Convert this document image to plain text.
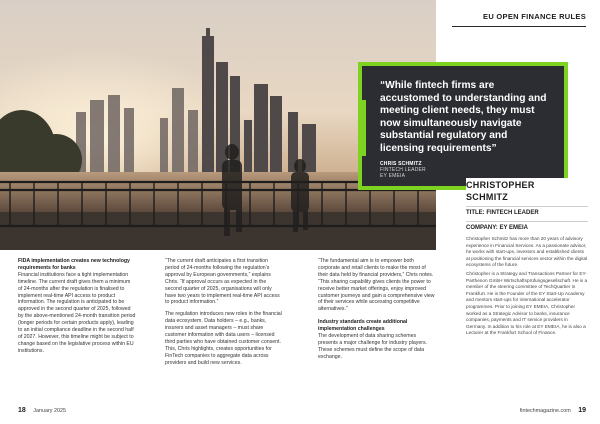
EU OPEN FINANCE RULES
“While fintech firms are accustomed to understanding and meeting client needs, they must now simultaneously navigate substantial regulatory and licensing requirements”
CHRIS SCHMITZ
FINTECH LEADER
EY EMEIA
CHRISTOPHER
SCHMITZ
TITLE: FINTECH LEADER
COMPANY: EY EMEIA

Christopher Schmitz has more than 20 years of advisory experience in Financial Services. As a passionate advisor, he works with start-ups, investors and established clients at positioning the financial services sector within the digital ecosystems of the future.

Christopher is a Strategy and Transactions Partner for EY-Parthenon GmbH Wirtschaftsprüfungsgesellschaft. He is a member of the steering committee of TechQuartier in Frankfurt. He is the Founder of the EY Start-Up Academy and mentors start-ups for international accelerator programmes. Prior to joining EY EMEIA, Christopher worked as a Strategic Advisor to banks, insurance companies, payments and IT service providers in Germany. In addition to his role at EY EMEIA, he is also a Lecturer at the Frankfurt School of Finance.

FIDA implementation creates new technology requirements for banks

Financial institutions face a tight implementation timeline. The current draft gives them a minimum of 24-months after the regulation is finalised to implement real-time API access to product information. The regulation is anticipated to be approved in the second quarter of 2025, followed by the above-mentioned 24-month transition period (longer periods for certain products apply), leading to an initial compliance deadline in the second half of 2027. However, this timeline might be subject to change based on the legislative process within EU institutions.

“The current draft anticipates a first transition period of 24-months following the regulation’s approval by European governments,” explains Chris. “If approval occurs as expected in the second quarter of 2025, organisations will only have two years to implement real-time API access to product information.”

The regulation introduces new roles in the financial data ecosystem. Data holders – e.g., banks, insurers and asset managers – must share customer information with data users – licensed third parties who have obtained customer consent. This, Chris highlights, creates opportunities for FinTech companies to aggregate data across providers and build new services.

“The fundamental aim is to empower both corporate and retail clients to make the most of their data held by financial providers,” Chris notes. “This sharing capability gives clients the power to receive better market offerings, enjoy improved customer journeys and gain a comprehensive view of their services while accessing competitive alternatives.”

Industry standards create additional implementation challenges

The development of data sharing schemes presents a major challenge for industry players. These schemes must define the scope of data exchange.

18 January 2025	fintechmagazine.com 19
